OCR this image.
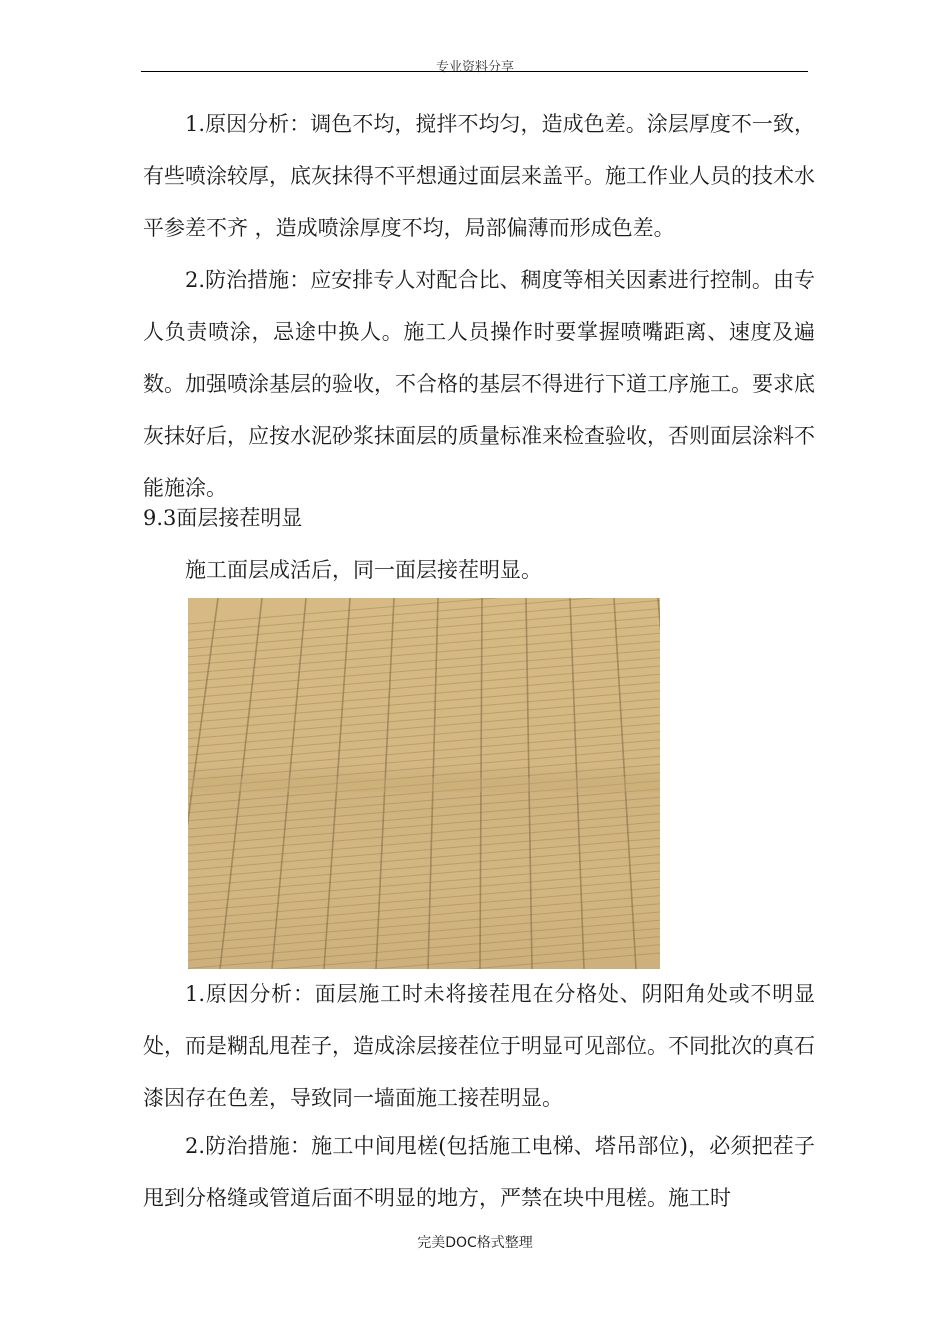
专业资料分享

1.原因分析：调色不均，搅拌不均匀，造成色差。涂层厚度不一致，有些喷涂较厚，底灰抹得不平想通过面层来盖平。施工作业人员的技术水平参差不齐 ，造成喷涂厚度不均，局部偏薄而形成色差。

2.防治措施：应安排专人对配合比、稠度等相关因素进行控制。由专人负责喷涂，忌途中换人。施工人员操作时要掌握喷嘴距离、速度及遍数。加强喷涂基层的验收，不合格的基层不得进行下道工序施工。要求底灰抹好后，应按水泥砂浆抹面层的质量标准来检查验收，否则面层涂料不能施涂。

9.3面层接茬明显

施工面层成活后，同一面层接茬明显。

1.原因分析：面层施工时未将接茬甩在分格处、阴阳角处或不明显处，而是糊乱甩茬子，造成涂层接茬位于明显可见部位。不同批次的真石漆因存在色差，导致同一墙面施工接茬明显。

2.防治措施：施工中间甩槎(包括施工电梯、塔吊部位)，必须把茬子甩到分格缝或管道后面不明显的地方，严禁在块中甩槎。施工时

完美DOC格式整理
